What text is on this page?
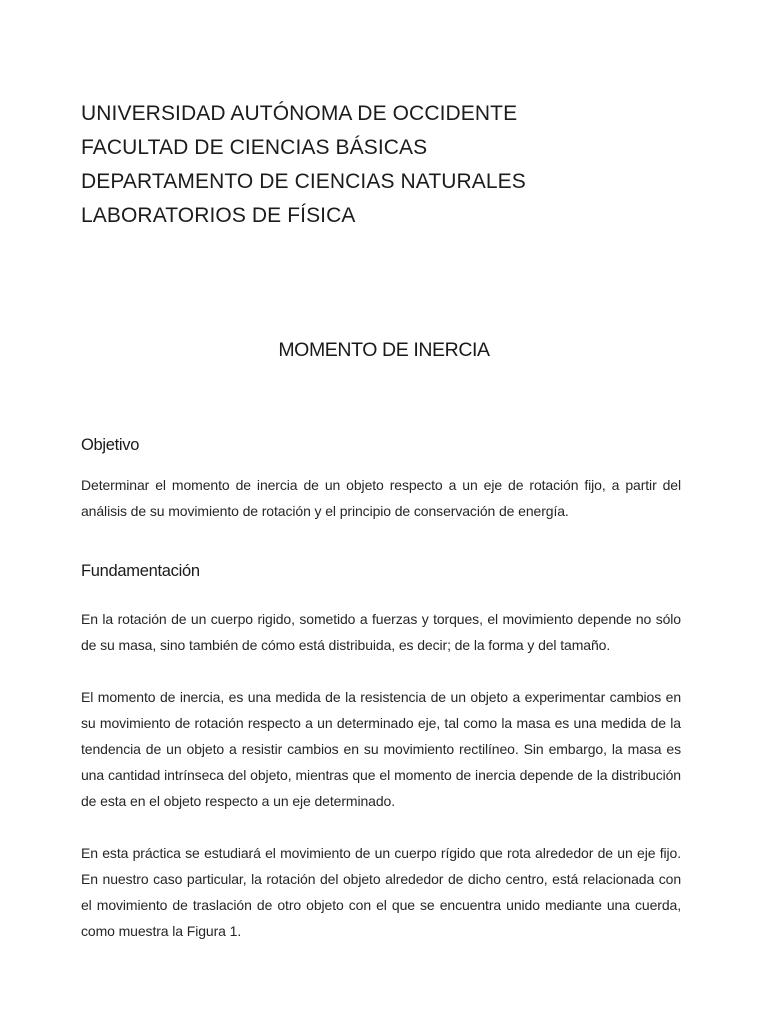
UNIVERSIDAD AUTÓNOMA DE OCCIDENTE
FACULTAD DE CIENCIAS BÁSICAS
DEPARTAMENTO DE CIENCIAS NATURALES
LABORATORIOS DE FÍSICA
MOMENTO DE INERCIA
Objetivo

Determinar el momento de inercia de un objeto respecto a un eje de rotación fijo, a partir del análisis de su movimiento de rotación y el principio de conservación de energía.

Fundamentación

En la rotación de un cuerpo rigido, sometido a fuerzas y torques, el movimiento depende no sólo de su masa, sino también de cómo está distribuida, es decir; de la forma y del tamaño.

El momento de inercia, es una medida de la resistencia de un objeto a experimentar cambios en su movimiento de rotación respecto a un determinado eje, tal como la masa es una medida de la tendencia de un objeto a resistir cambios en su movimiento rectilíneo. Sin embargo, la masa es una cantidad intrínseca del objeto, mientras que el momento de inercia depende de la distribución de esta en el objeto respecto a un eje determinado.

En esta práctica se estudiará el movimiento de un cuerpo rígido que rota alrededor de un eje fijo. En nuestro caso particular, la rotación del objeto alrededor de dicho centro, está relacionada con el movimiento de traslación de otro objeto con el que se encuentra unido mediante una cuerda, como muestra la Figura 1.
